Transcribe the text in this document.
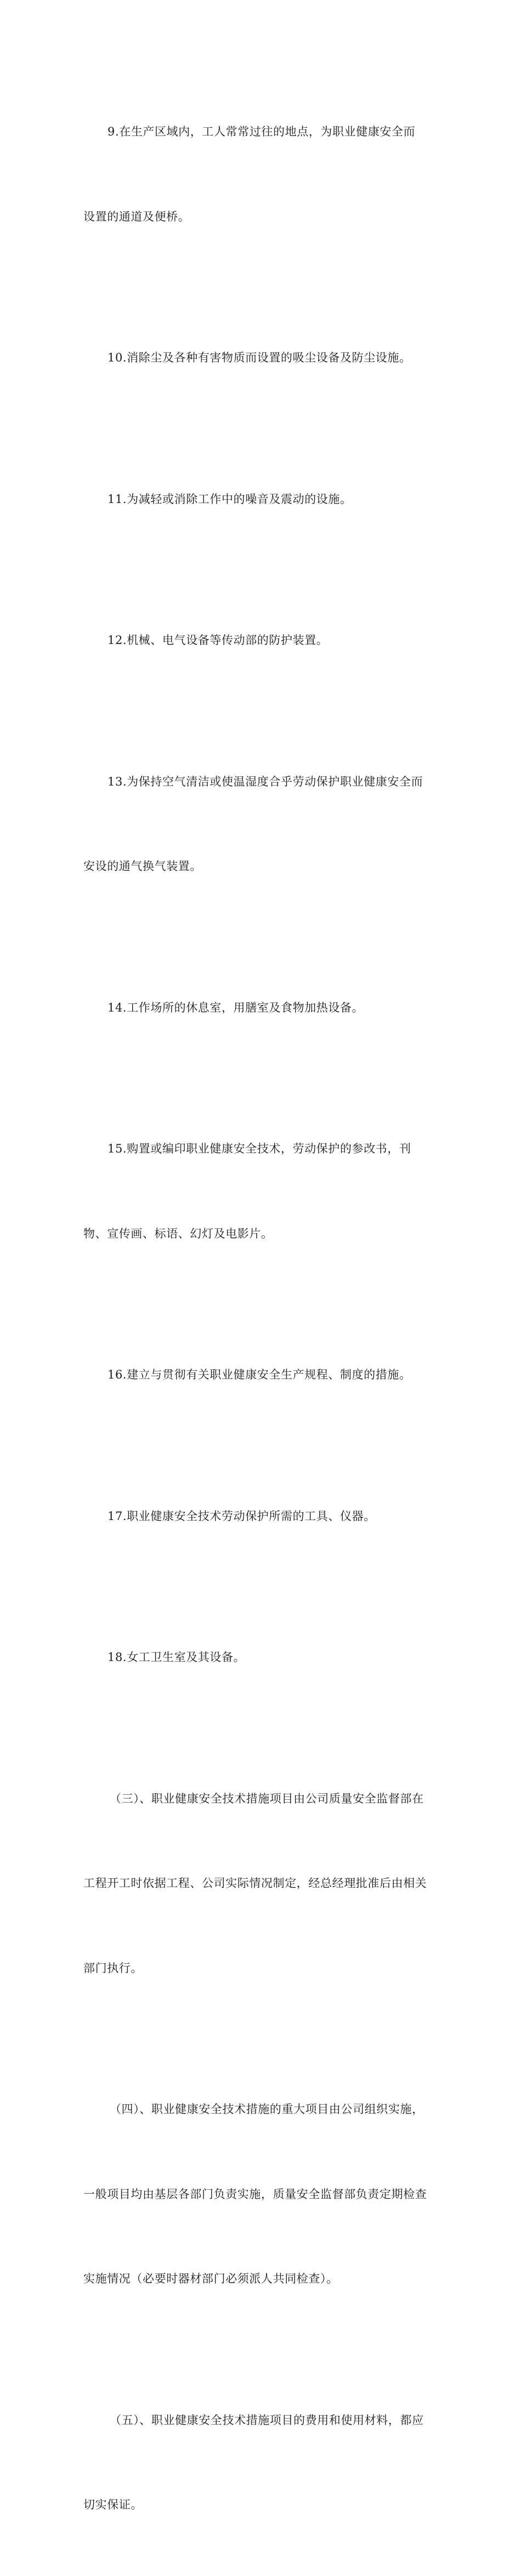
9.在生产区域内，工人常常过往的地点，为职业健康安全而

设置的通道及便桥。

10.消除尘及各种有害物质而设置的吸尘设备及防尘设施。

11.为减轻或消除工作中的噪音及震动的设施。

12.机械、电气设备等传动部的防护装置。

13.为保持空气清洁或使温湿度合乎劳动保护职业健康安全而

安设的通气换气装置。

14.工作场所的休息室，用膳室及食物加热设备。

15.购置或编印职业健康安全技术，劳动保护的参改书，刊

物、宣传画、标语、幻灯及电影片。

16.建立与贯彻有关职业健康安全生产规程、制度的措施。

17.职业健康安全技术劳动保护所需的工具、仪器。

18.女工卫生室及其设备。

（三）、职业健康安全技术措施项目由公司质量安全监督部在

工程开工时依据工程、公司实际情况制定，经总经理批准后由相关

部门执行。

（四）、职业健康安全技术措施的重大项目由公司组织实施，

一般项目均由基层各部门负责实施，质量安全监督部负责定期检查

实施情况（必要时器材部门必须派人共同检查）。

（五）、职业健康安全技术措施项目的费用和使用材料，都应

切实保证。
